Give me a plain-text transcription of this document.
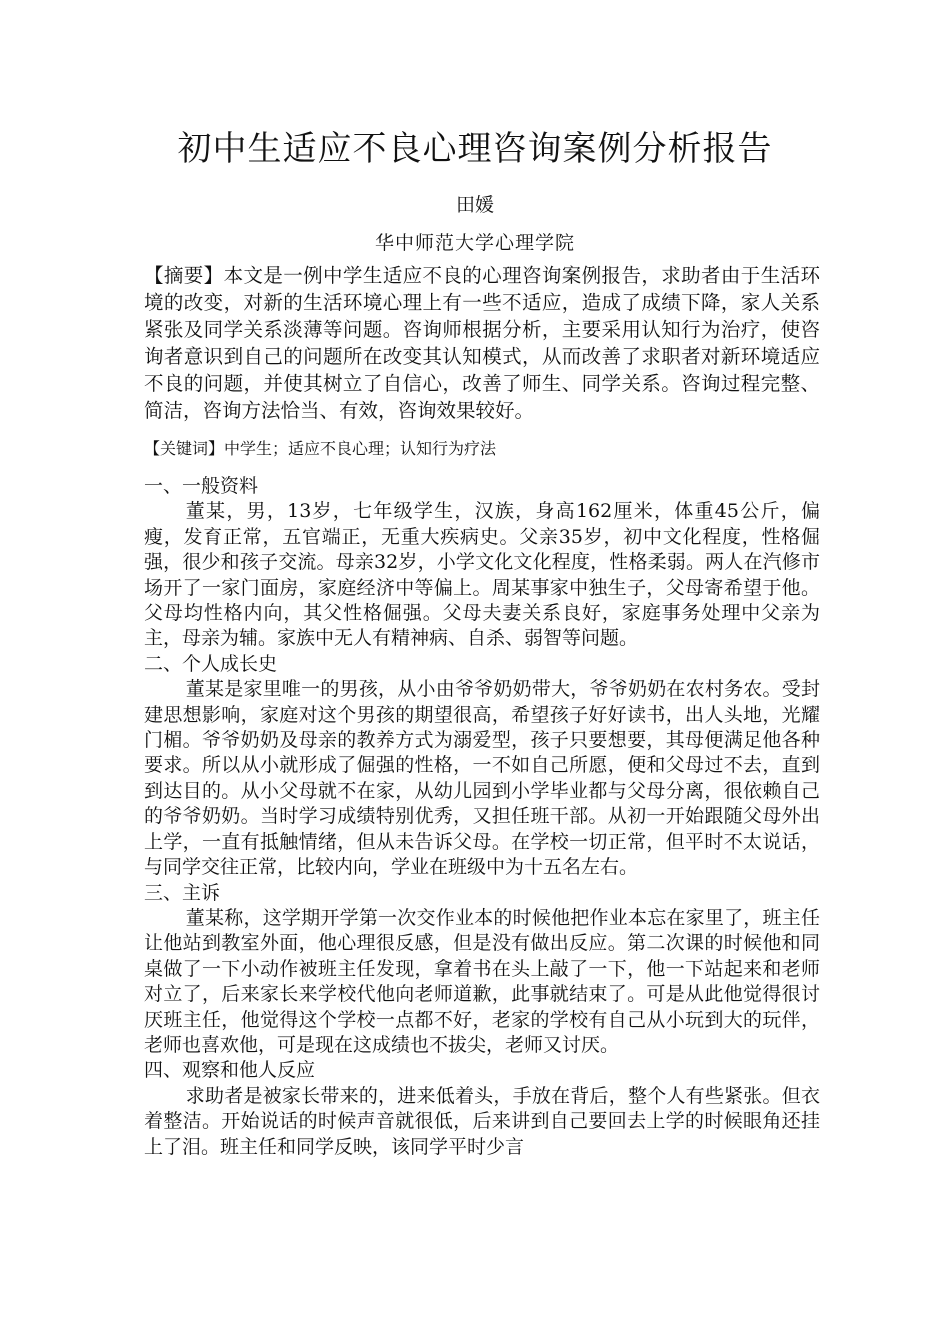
初中生适应不良心理咨询案例分析报告
田媛
华中师范大学心理学院

【摘要】本文是一例中学生适应不良的心理咨询案例报告，求助者由于生活环境的改变，对新的生活环境心理上有一些不适应，造成了成绩下降，家人关系紧张及同学关系淡薄等问题。咨询师根据分析，主要采用认知行为治疗，使咨询者意识到自己的问题所在改变其认知模式，从而改善了求职者对新环境适应不良的问题，并使其树立了自信心，改善了师生、同学关系。咨询过程完整、简洁，咨询方法恰当、有效，咨询效果较好。

【关键词】中学生；适应不良心理；认知行为疗法

一、一般资料

董某，男，13岁，七年级学生，汉族，身高162厘米，体重45公斤，偏瘦，发育正常，五官端正，无重大疾病史。父亲35岁，初中文化程度，性格倔强，很少和孩子交流。母亲32岁，小学文化文化程度，性格柔弱。两人在汽修市场开了一家门面房，家庭经济中等偏上。周某事家中独生子，父母寄希望于他。父母均性格内向，其父性格倔强。父母夫妻关系良好，家庭事务处理中父亲为主，母亲为辅。家族中无人有精神病、自杀、弱智等问题。

二、个人成长史

董某是家里唯一的男孩，从小由爷爷奶奶带大，爷爷奶奶在农村务农。受封建思想影响，家庭对这个男孩的期望很高，希望孩子好好读书，出人头地，光耀门楣。爷爷奶奶及母亲的教养方式为溺爱型，孩子只要想要，其母便满足他各种要求。所以从小就形成了倔强的性格，一不如自己所愿，便和父母过不去，直到到达目的。从小父母就不在家，从幼儿园到小学毕业都与父母分离，很依赖自己的爷爷奶奶。当时学习成绩特别优秀，又担任班干部。从初一开始跟随父母外出上学，一直有抵触情绪，但从未告诉父母。在学校一切正常，但平时不太说话，与同学交往正常，比较内向，学业在班级中为十五名左右。

三、主诉

董某称，这学期开学第一次交作业本的时候他把作业本忘在家里了，班主任让他站到教室外面，他心理很反感，但是没有做出反应。第二次课的时候他和同桌做了一下小动作被班主任发现，拿着书在头上敲了一下，他一下站起来和老师对立了，后来家长来学校代他向老师道歉，此事就结束了。可是从此他觉得很讨厌班主任，他觉得这个学校一点都不好，老家的学校有自己从小玩到大的玩伴，老师也喜欢他，可是现在这成绩也不拔尖，老师又讨厌。

四、观察和他人反应

求助者是被家长带来的，进来低着头，手放在背后，整个人有些紧张。但衣着整洁。开始说话的时候声音就很低，后来讲到自己要回去上学的时候眼角还挂上了泪。班主任和同学反映，该同学平时少言
